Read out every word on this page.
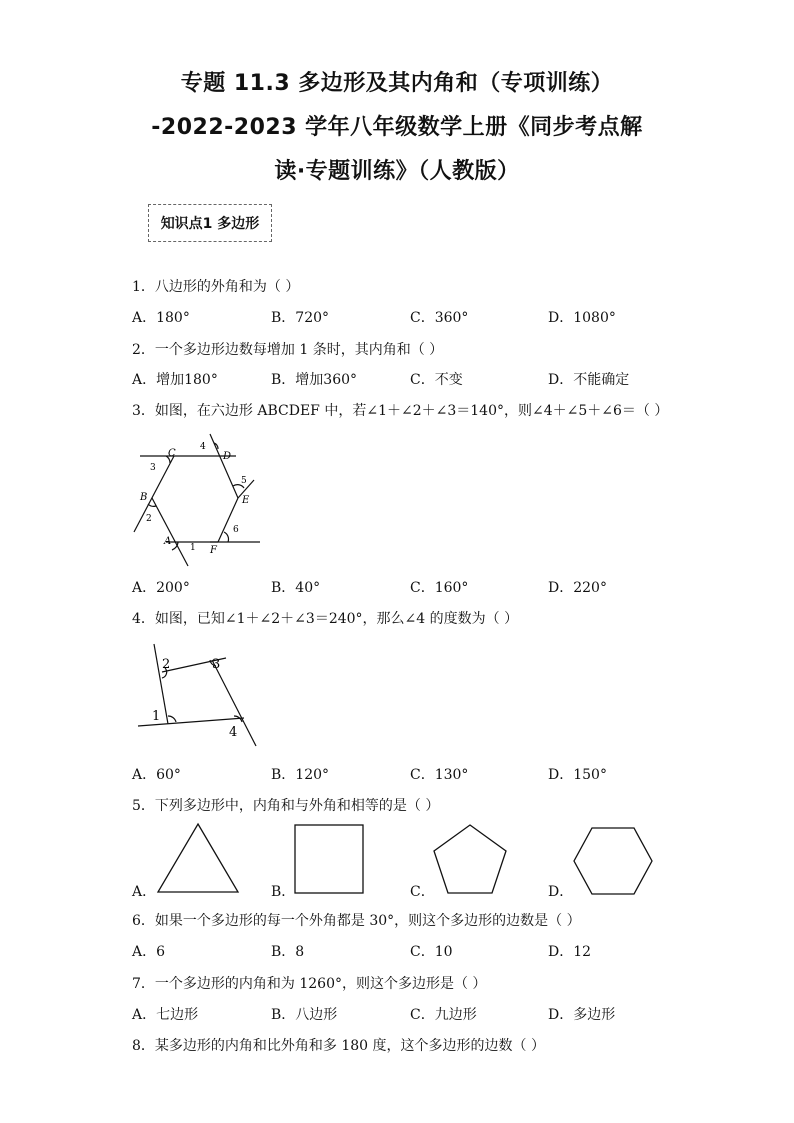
专题 11.3 多边形及其内角和（专项训练）
-2022-2023 学年八年级数学上册《同步考点解
读·专题训练》（人教版）
知识点1 多边形
1．八边形的外角和为（ ）
A．180°	B．720°	C．360°	D．1080°
2．一个多边形边数每增加 1 条时，其内角和（ ）
A．增加180°	B．增加360°	C．不变	D．不能确定
3．如图，在六边形 ABCDEF 中，若∠1＋∠2＋∠3＝140°，则∠4＋∠5＋∠6＝（ ）
C	D
E
F
A
B
3
4
5
6
2
1
A．200°	B．40°	C．160°	D．220°
4．如图，已知∠1＋∠2＋∠3＝240°，那么∠4 的度数为（ ）
2	3
1
4
A．60°	B．120°	C．130°	D．150°
5．下列多边形中，内角和与外角和相等的是（ ）
A．	B．	C．	D．
6．如果一个多边形的每一个外角都是 30°，则这个多边形的边数是（ ）
A．6	B．8	C．10	D．12
7．一个多边形的内角和为 1260°，则这个多边形是（ ）
A．七边形	B．八边形	C．九边形	D．多边形
8．某多边形的内角和比外角和多 180 度，这个多边形的边数（ ）
